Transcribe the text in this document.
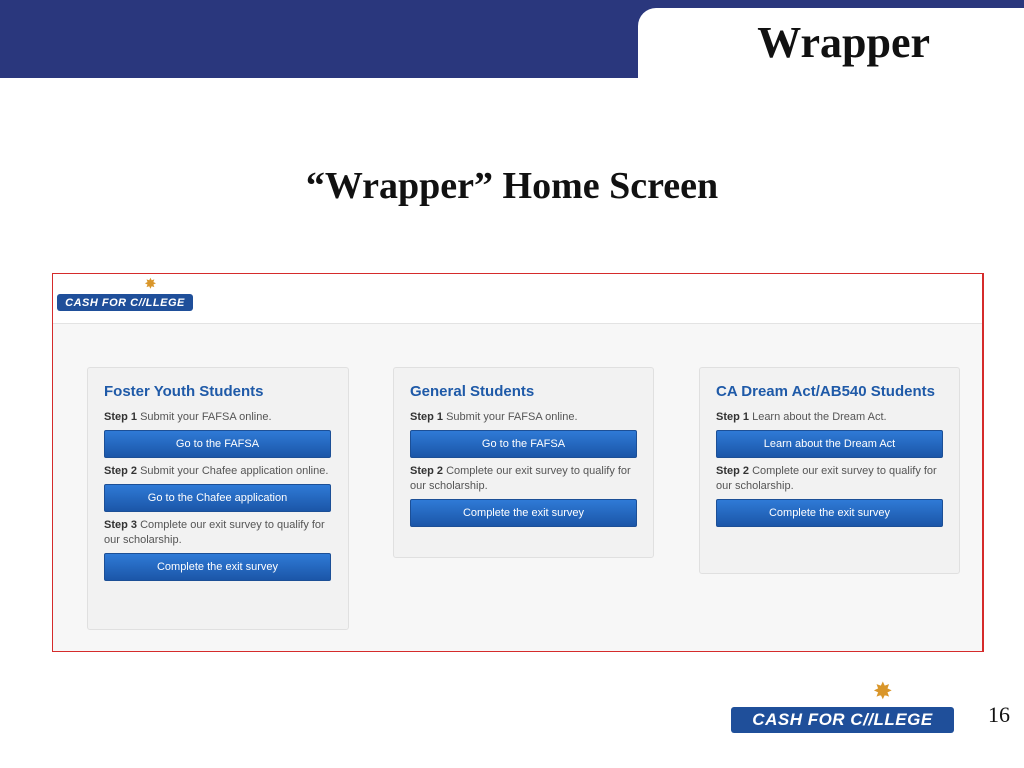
Wrapper
“Wrapper” Home Screen
✸
CASH FOR C//LLEGE
Foster Youth Students

Step 1 Submit your FAFSA online.

Go to the FAFSA

Step 2 Submit your Chafee application online.

Go to the Chafee application

Step 3 Complete our exit survey to qualify for our scholarship.

Complete the exit survey
General Students

Step 1 Submit your FAFSA online.

Go to the FAFSA

Step 2 Complete our exit survey to qualify for our scholarship.

Complete the exit survey
CA Dream Act/AB540 Students

Step 1 Learn about the Dream Act.

Learn about the Dream Act

Step 2 Complete our exit survey to qualify for our scholarship.

Complete the exit survey
✸
CASH FOR C//LLEGE	16
